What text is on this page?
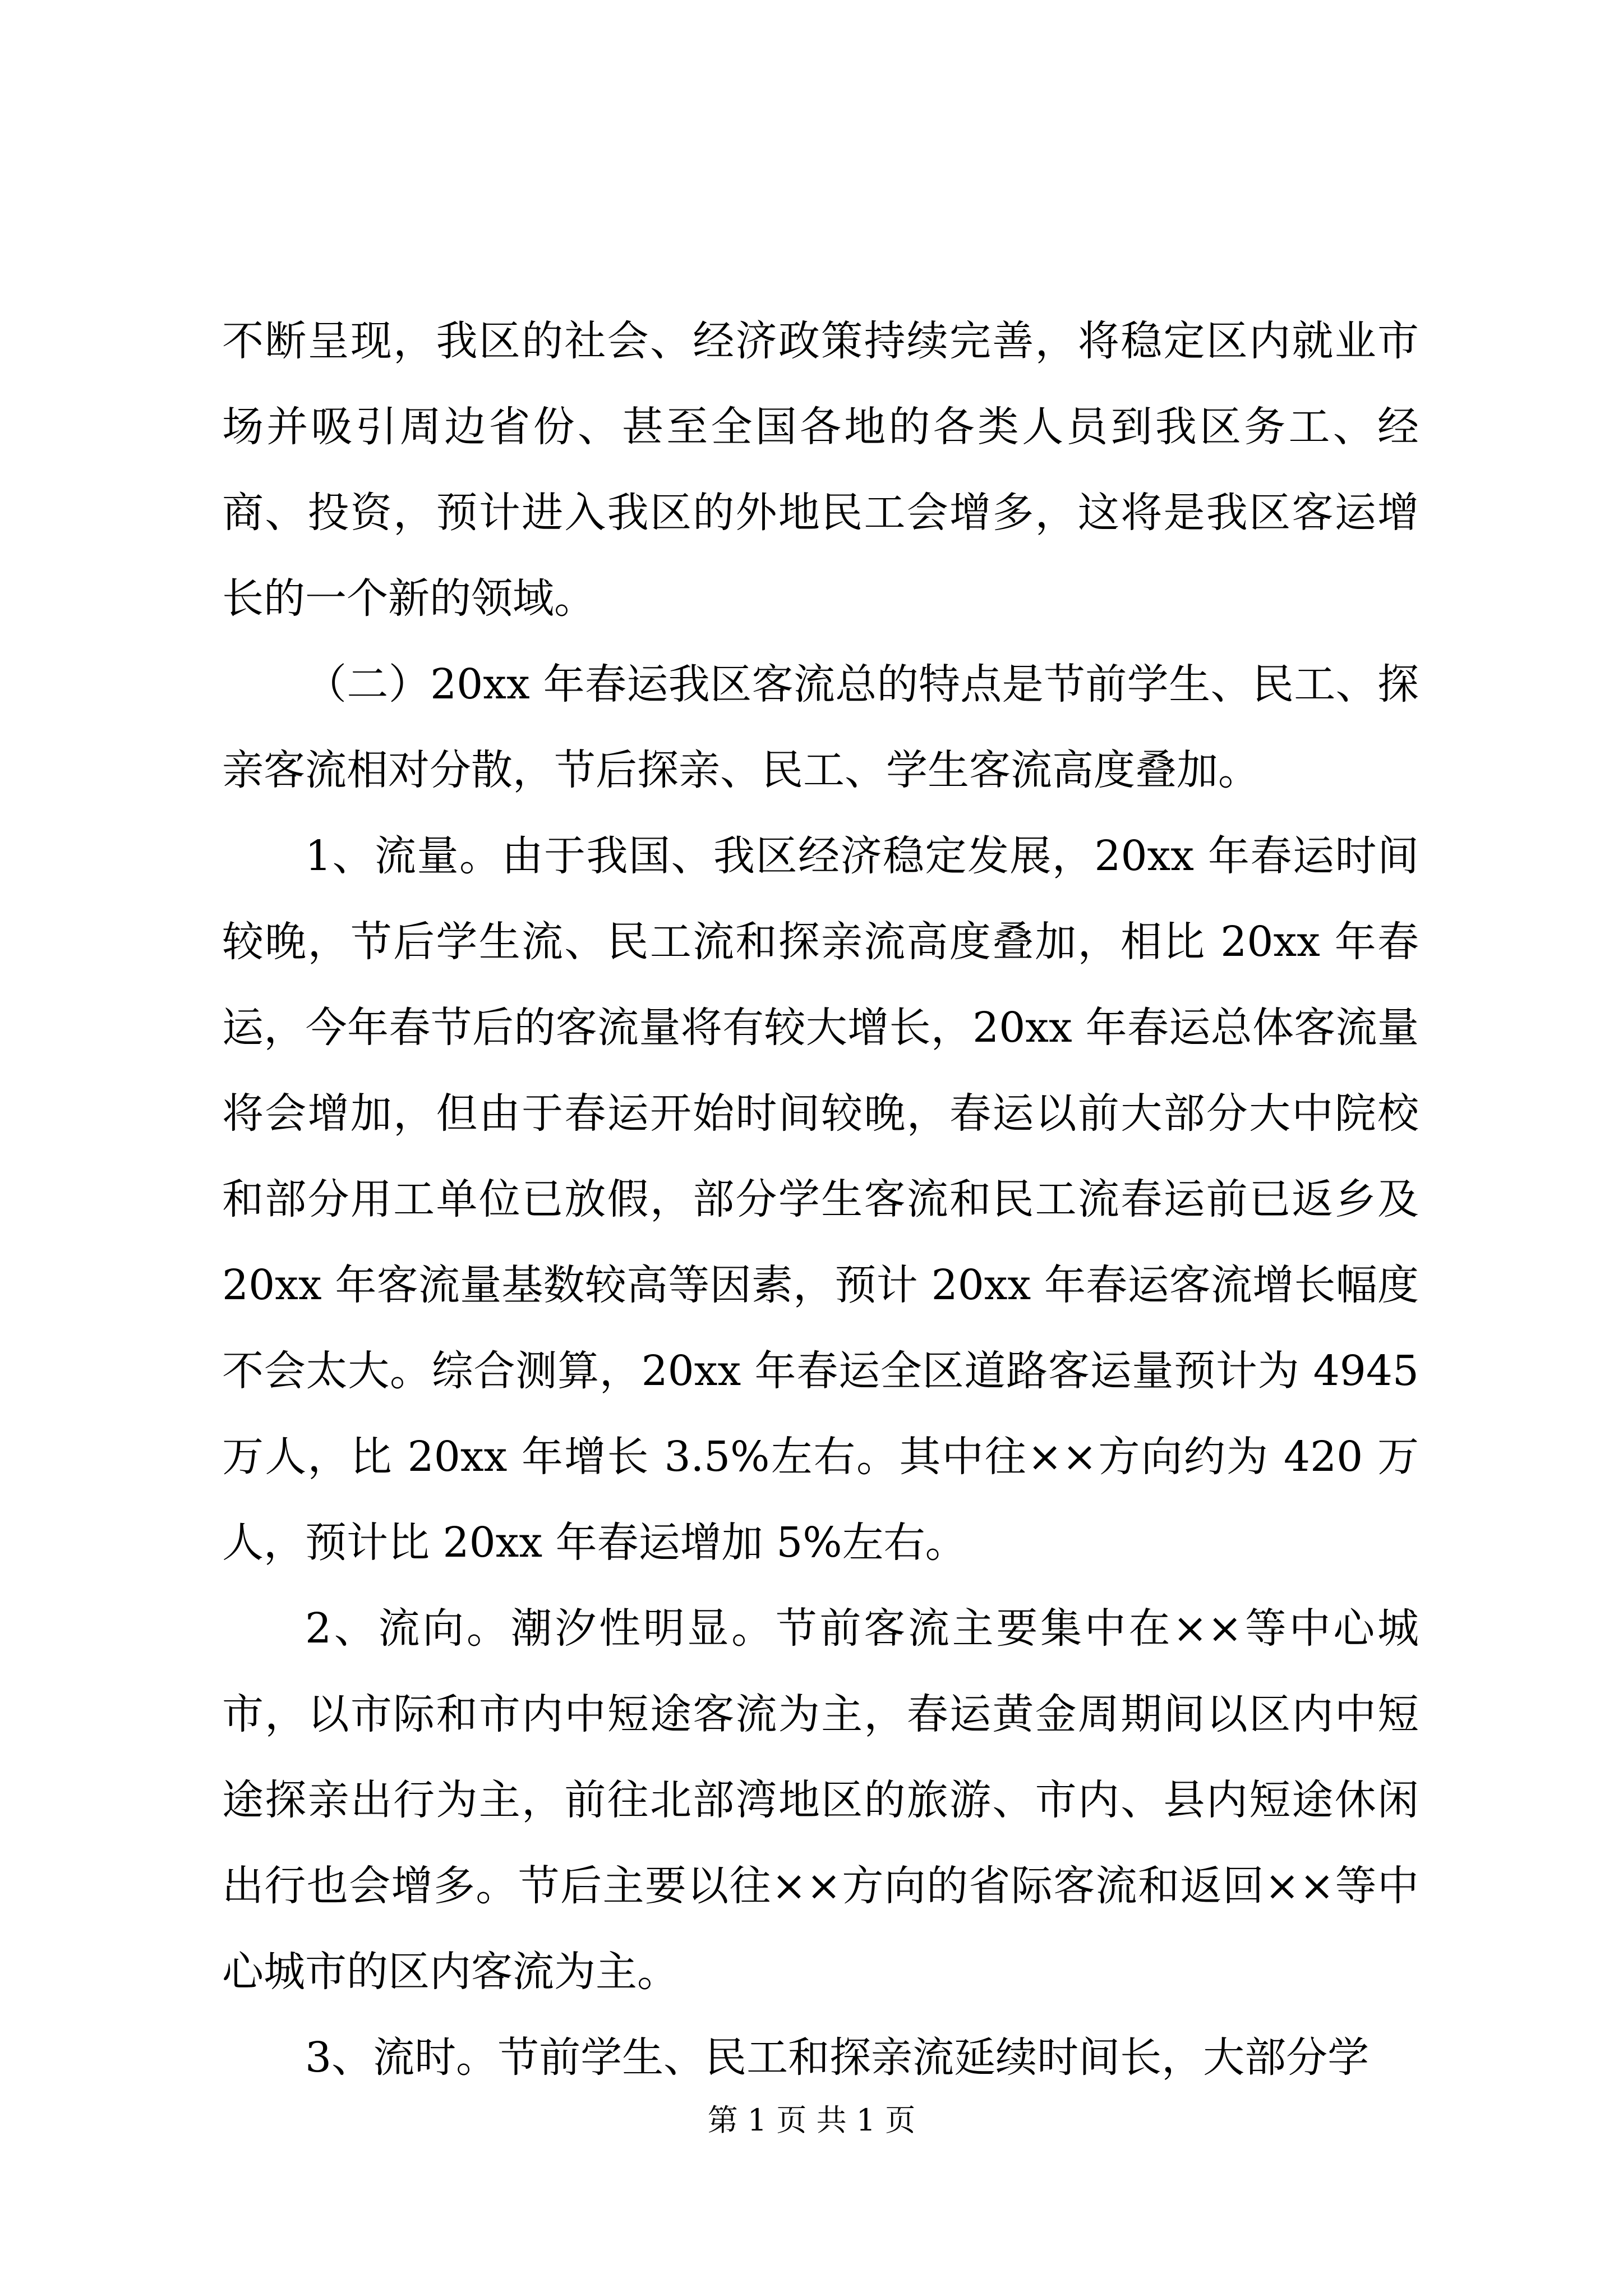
不断呈现，我区的社会、经济政策持续完善，将稳定区内就业市场并吸引周边省份、甚至全国各地的各类人员到我区务工、经商、投资，预计进入我区的外地民工会增多，这将是我区客运增长的一个新的领域。

（二）20xx 年春运我区客流总的特点是节前学生、民工、探亲客流相对分散，节后探亲、民工、学生客流高度叠加。

1、流量。由于我国、我区经济稳定发展，20xx 年春运时间较晚，节后学生流、民工流和探亲流高度叠加，相比 20xx 年春运，今年春节后的客流量将有较大增长，20xx 年春运总体客流量将会增加，但由于春运开始时间较晚，春运以前大部分大中院校和部分用工单位已放假，部分学生客流和民工流春运前已返乡及 20xx 年客流量基数较高等因素，预计 20xx 年春运客流增长幅度不会太大。综合测算，20xx 年春运全区道路客运量预计为 4945 万人，比 20xx 年增长 3.5%左右。其中往××方向约为 420 万人，预计比 20xx 年春运增加 5%左右。

2、流向。潮汐性明显。节前客流主要集中在××等中心城市，以市际和市内中短途客流为主，春运黄金周期间以区内中短途探亲出行为主，前往北部湾地区的旅游、市内、县内短途休闲出行也会增多。节后主要以往××方向的省际客流和返回××等中心城市的区内客流为主。

3、流时。节前学生、民工和探亲流延续时间长，大部分学

第 1 页 共 1 页
